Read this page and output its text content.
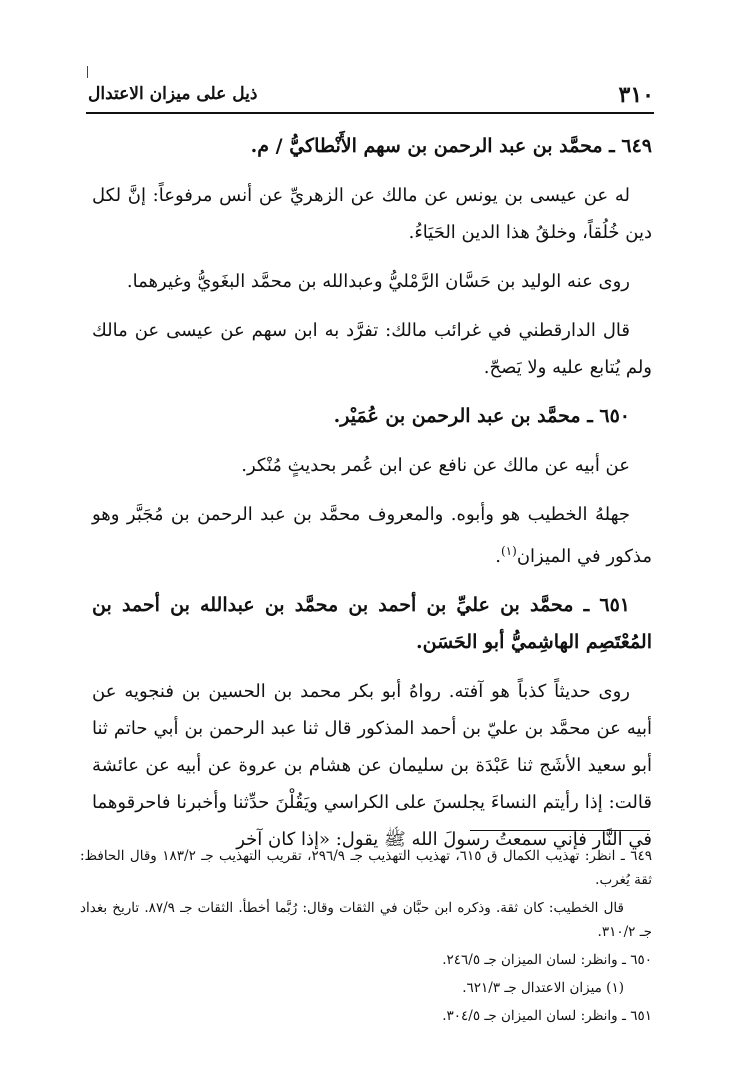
٣١٠
ذيل على ميزان الاعتدال

٦٤٩ ـ محمَّد بن عبد الرحمن بن سهم الأَنْطاكيُّ / م.

له عن عيسى بن يونس عن مالك عن الزهريِّ عن أنس مرفوعاً: إنَّ لكل دين خُلُقاً، وخلقُ هذا الدين الحَيَاءُ.

روى عنه الوليد بن حَسَّان الرَّمْليُّ وعبدالله بن محمَّد البغَويُّ وغيرهما.

قال الدارقطني في غرائب مالك: تفرَّد به ابن سهم عن عيسى عن مالك ولم يُتابع عليه ولا يَصحّ.

٦٥٠ ـ محمَّد بن عبد الرحمن بن عُمَيْر.

عن أبيه عن مالك عن نافع عن ابن عُمر بحديثٍ مُنْكر.

جهلهُ الخطيب هو وأبوه. والمعروف محمَّد بن عبد الرحمن بن مُجَبَّر وهو مذكور في الميزان$^{(١)}$.

٦٥١ ـ محمَّد بن عليِّ بن أحمد بن محمَّد بن عبدالله بن أحمد بن المُعْتَصِم الهاشِميُّ أبو الحَسَن.

روى حديثاً كذباً هو آفته. رواهُ أبو بكر محمد بن الحسين بن فنجويه عن أبيه عن محمَّد بن عليّ بن أحمد المذكور قال ثنا عبد الرحمن بن أبي حاتم ثنا أبو سعيد الأشَج ثنا عَبْدَة بن سليمان عن هشام بن عروة عن أبيه عن عائشة قالت: إذا رأيتم النساءَ يجلسنَ على الكراسي ويَقُلْنَ حدِّثنا وأخبرنا فاحرقوهما في النَّار فإني سمعتُ رسولَ الله ﷺ يقول: «إذا كان آخر

٦٤٩ ـ انظر: تهذيب الكمال ق ٦١٥، تهذيب التهذيب جـ ٢٩٦/٩، تقريب التهذيب جـ ١٨٣/٢ وقال الحافظ: ثقة يُغرب.

قال الخطيب: كان ثقة. وذكره ابن حبَّان في الثقات وقال: رُبَّما أخطأ. الثقات جـ ٨٧/٩. تاريخ بغداد جـ ٣١٠/٢.

٦٥٠ ـ وانظر: لسان الميزان جـ ٢٤٦/٥.

(١) ميزان الاعتدال جـ ٦٢١/٣.

٦٥١ ـ وانظر: لسان الميزان جـ ٣٠٤/٥.
